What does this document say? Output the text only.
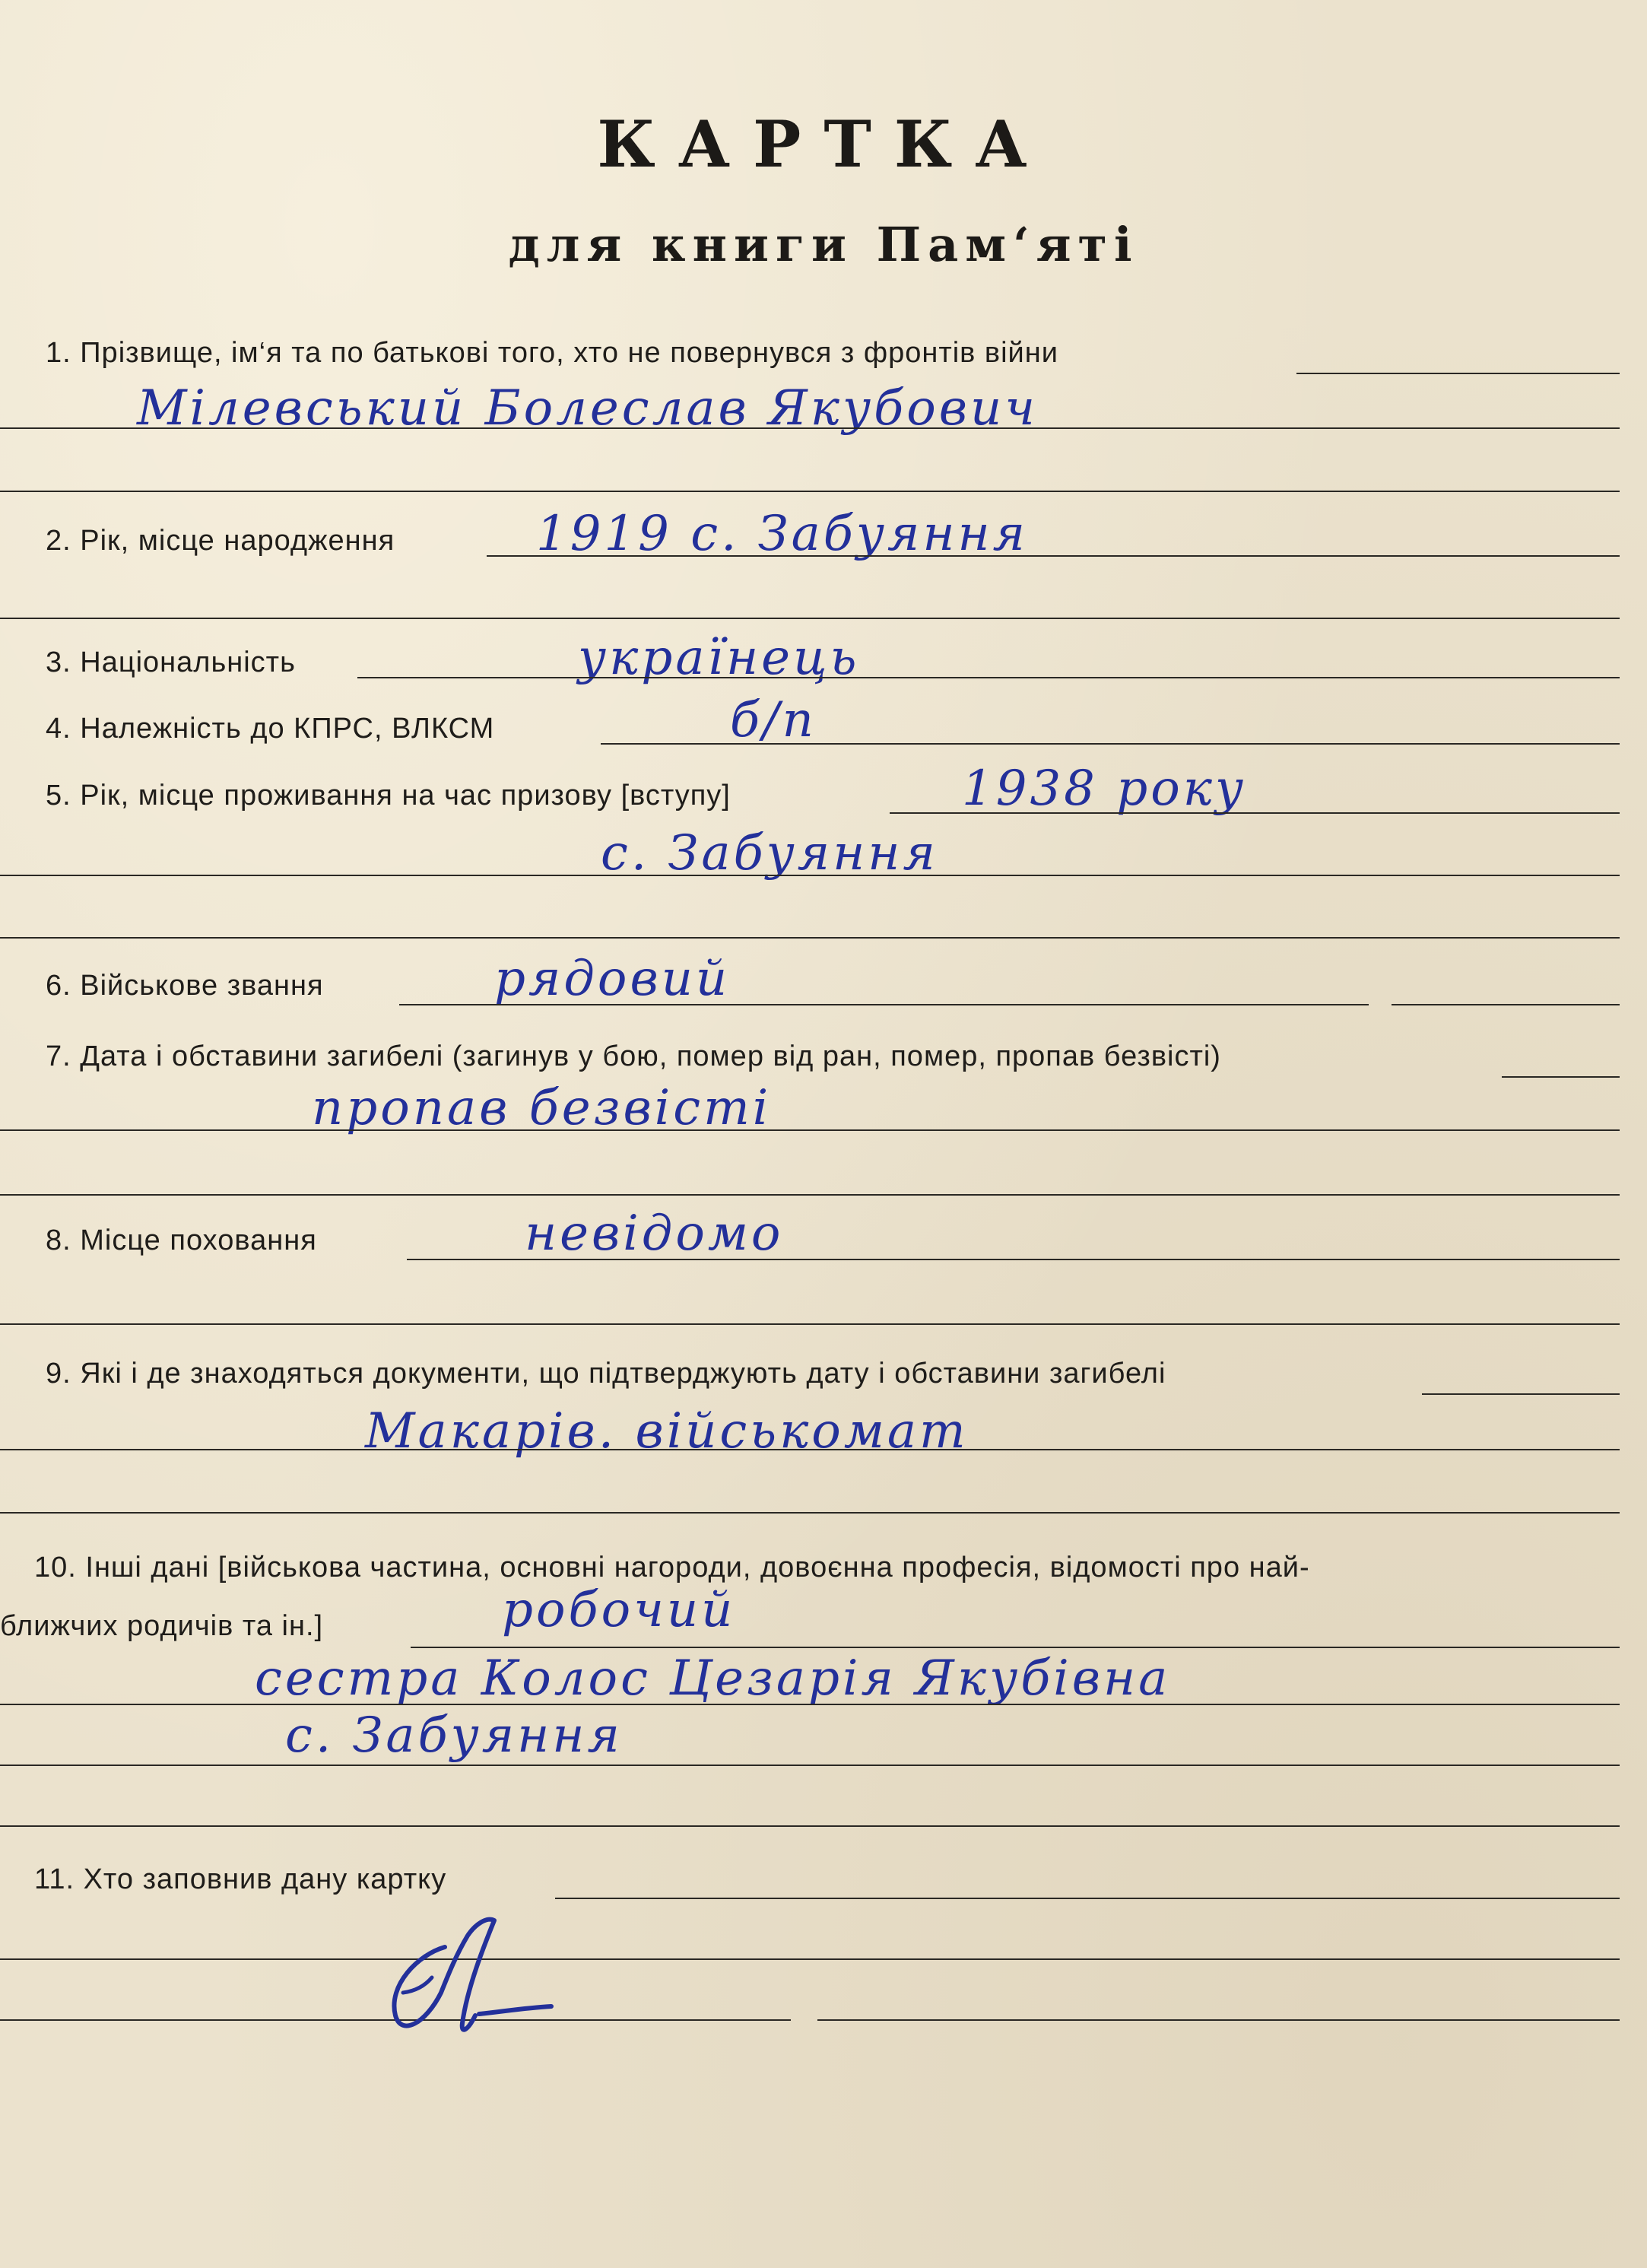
КАРТКА
для книги Пам‘яті
1. Прізвище, ім‘я та по батькові того, хто не повернувся з фронтів війни
Мілевський Болеслав Якубович
2. Рік, місце народження	1919 с. Забуяння
3. Національність	українець
4. Належність до КПРС, ВЛКСМ	б/п
5. Рік, місце проживання на час призову [вступу]	1938 року
с. Забуяння
6. Військове звання	рядовий
7. Дата і обставини загибелі (загинув у бою, помер від ран, помер, пропав безвісті)
пропав безвісті
8. Місце поховання	невідомо
9. Які і де знаходяться документи, що підтверджують дату і обставини загибелі
Макарів. військомат
10. Інші дані [військова частина, основні нагороди, довоєнна професія, відомості про най-
ближчих родичів та ін.]	робочий
сестра Колос Цезарія Якубівна
с. Забуяння
11. Хто заповнив дану картку
